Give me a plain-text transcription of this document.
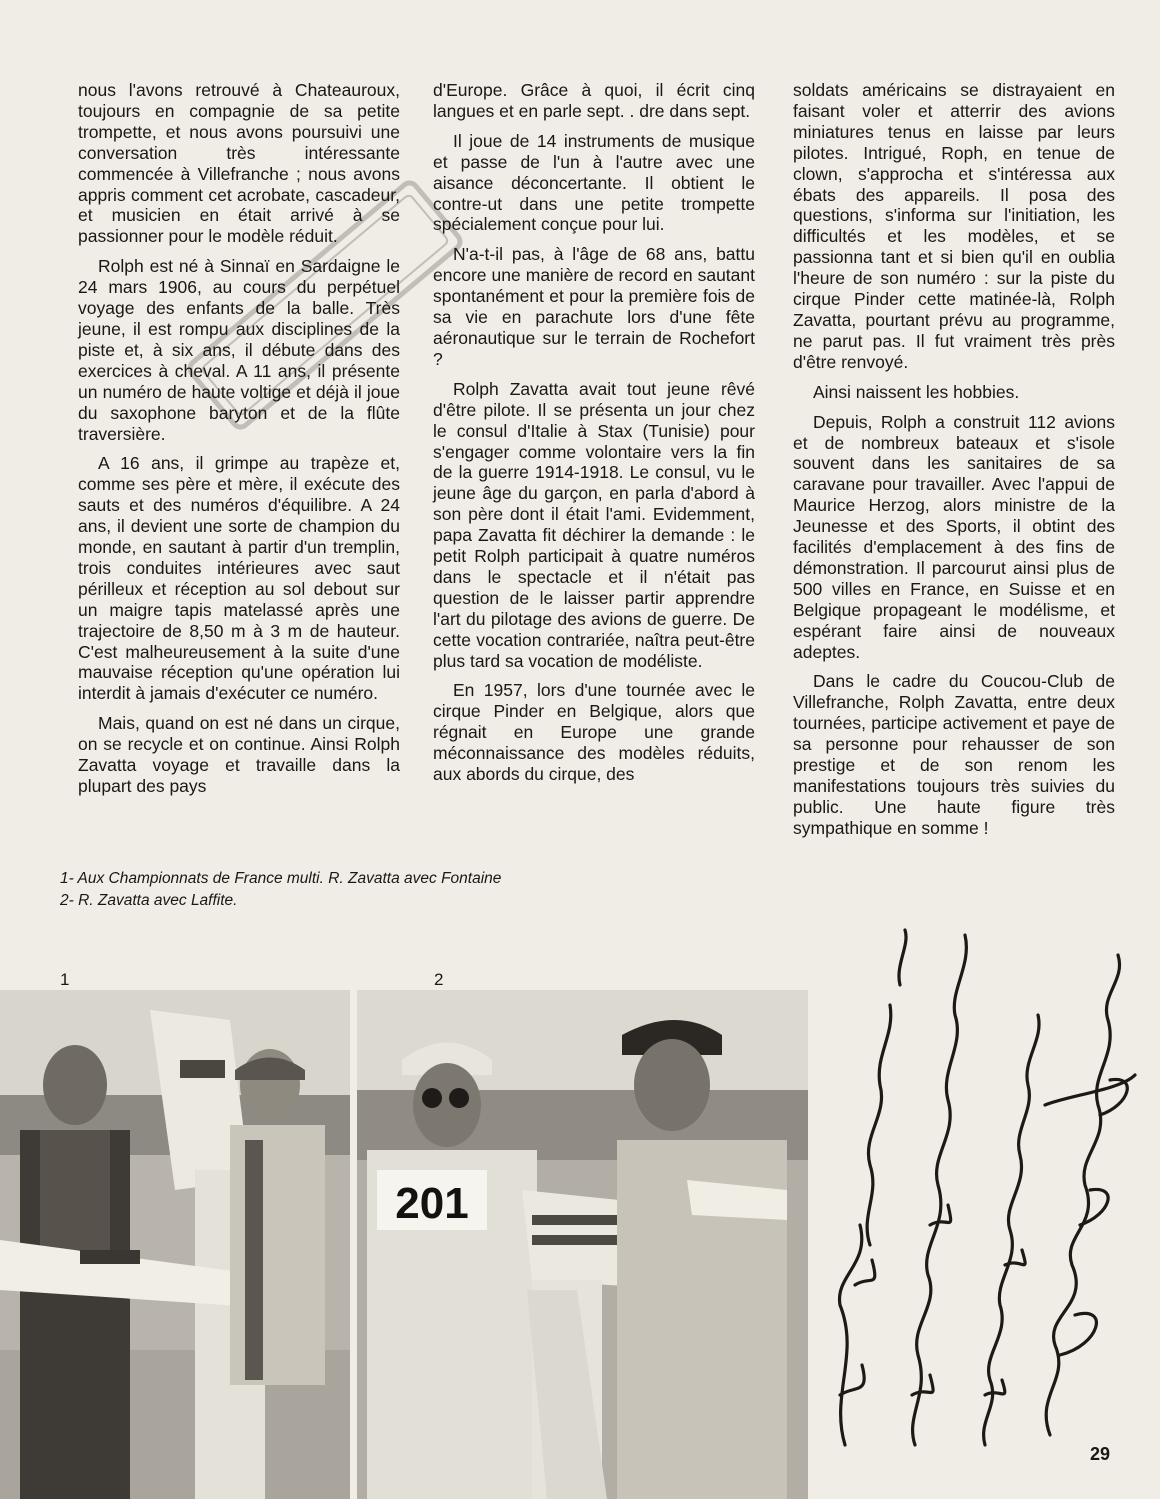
nous l'avons retrouvé à Chateauroux, toujours en compagnie de sa petite trompette, et nous avons poursuivi une conversation très intéressante commencée à Villefranche ; nous avons appris comment cet acrobate, cascadeur, et musicien en était arrivé à se passionner pour le modèle réduit.

Rolph est né à Sinnaï en Sardaigne le 24 mars 1906, au cours du perpétuel voyage des enfants de la balle. Très jeune, il est rompu aux disciplines de la piste et, à six ans, il débute dans des exercices à cheval. A 11 ans, il présente un numéro de haute voltige et déjà il joue du saxophone baryton et de la flûte traversière.

A 16 ans, il grimpe au trapèze et, comme ses père et mère, il exécute des sauts et des numéros d'équilibre. A 24 ans, il devient une sorte de champion du monde, en sautant à partir d'un tremplin, trois conduites intérieures avec saut périlleux et réception au sol debout sur un maigre tapis matelassé après une trajectoire de 8,50 m à 3 m de hauteur. C'est malheureusement à la suite d'une mauvaise réception qu'une opération lui interdit à jamais d'exécuter ce numéro.

Mais, quand on est né dans un cirque, on se recycle et on continue. Ainsi Rolph Zavatta voyage et travaille dans la plupart des pays

d'Europe. Grâce à quoi, il écrit cinq langues et en parle sept. . dre dans sept.

Il joue de 14 instruments de musique et passe de l'un à l'autre avec une aisance déconcertante. Il obtient le contre-ut dans une petite trompette spécialement conçue pour lui.

N'a-t-il pas, à l'âge de 68 ans, battu encore une manière de record en sautant spontanément et pour la première fois de sa vie en parachute lors d'une fête aéronautique sur le terrain de Rochefort ?

Rolph Zavatta avait tout jeune rêvé d'être pilote. Il se présenta un jour chez le consul d'Italie à Stax (Tunisie) pour s'engager comme volontaire vers la fin de la guerre 1914-1918. Le consul, vu le jeune âge du garçon, en parla d'abord à son père dont il était l'ami. Evidemment, papa Zavatta fit déchirer la demande : le petit Rolph participait à quatre numéros dans le spectacle et il n'était pas question de le laisser partir apprendre l'art du pilotage des avions de guerre. De cette vocation contrariée, naîtra peut-être plus tard sa vocation de modéliste.

En 1957, lors d'une tournée avec le cirque Pinder en Belgique, alors que régnait en Europe une grande méconnaissance des modèles réduits, aux abords du cirque, des

soldats américains se distrayaient en faisant voler et atterrir des avions miniatures tenus en laisse par leurs pilotes. Intrigué, Roph, en tenue de clown, s'approcha et s'intéressa aux ébats des appareils. Il posa des questions, s'informa sur l'initiation, les difficultés et les modèles, et se passionna tant et si bien qu'il en oublia l'heure de son numéro : sur la piste du cirque Pinder cette matinée-là, Rolph Zavatta, pourtant prévu au programme, ne parut pas. Il fut vraiment très près d'être renvoyé.

Ainsi naissent les hobbies.

Depuis, Rolph a construit 112 avions et de nombreux bateaux et s'isole souvent dans les sanitaires de sa caravane pour travailler. Avec l'appui de Maurice Herzog, alors ministre de la Jeunesse et des Sports, il obtint des facilités d'emplacement à des fins de démonstration. Il parcourut ainsi plus de 500 villes en France, en Suisse et en Belgique propageant le modélisme, et espérant faire ainsi de nouveaux adeptes.

Dans le cadre du Coucou-Club de Villefranche, Rolph Zavatta, entre deux tournées, participe activement et paye de sa personne pour rehausser de son prestige et de son renom les manifestations toujours très suivies du public. Une haute figure très sympathique en somme !

1- Aux Championnats de France multi. R. Zavatta avec Fontaine
2- R. Zavatta avec Laffite.
1	2
201
29
